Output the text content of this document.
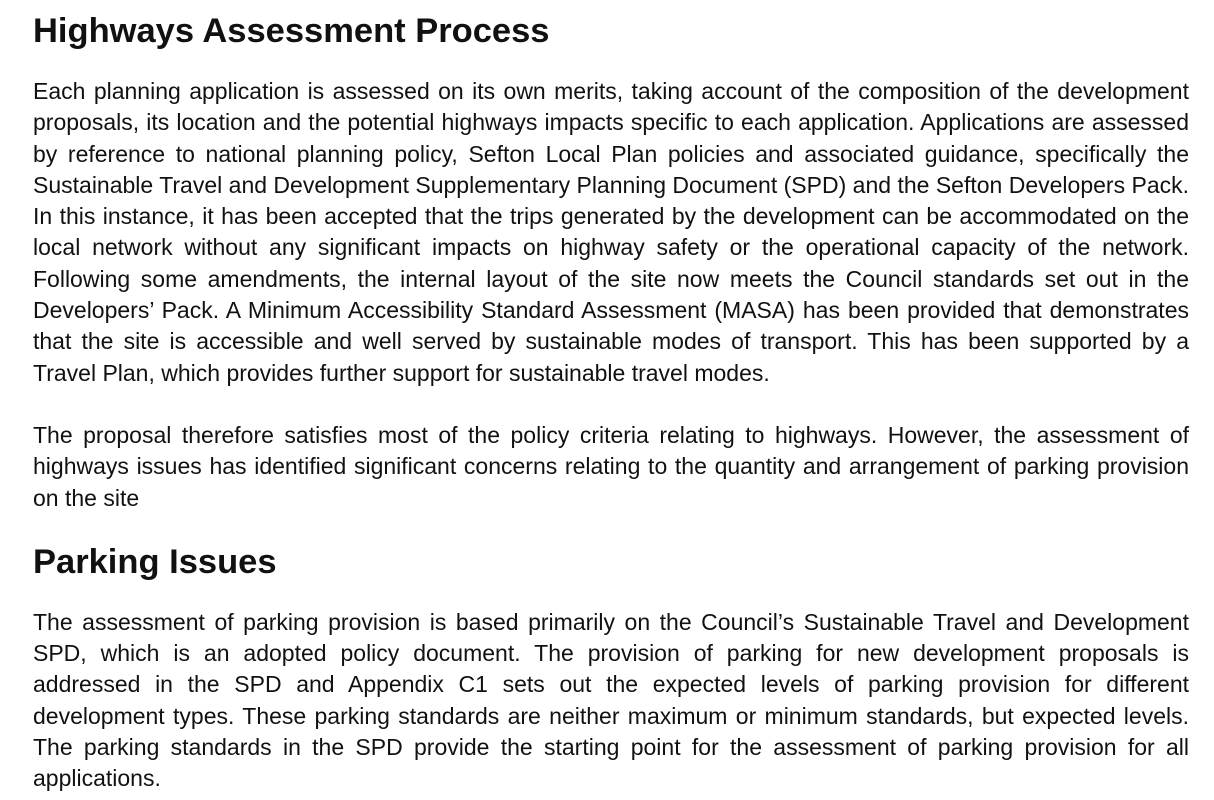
Highways Assessment Process

Each planning application is assessed on its own merits, taking account of the composition of the development proposals, its location and the potential highways impacts specific to each application. Applications are assessed by reference to national planning policy, Sefton Local Plan policies and associated guidance, specifically the Sustainable Travel and Development Supplementary Planning Document (SPD) and the Sefton Developers Pack. In this instance, it has been accepted that the trips generated by the development can be accommodated on the local network without any significant impacts on highway safety or the operational capacity of the network. Following some amendments, the internal layout of the site now meets the Council standards set out in the Developers’ Pack. A Minimum Accessibility Standard Assessment (MASA) has been provided that demonstrates that the site is accessible and well served by sustainable modes of transport. This has been supported by a Travel Plan, which provides further support for sustainable travel modes.

The proposal therefore satisfies most of the policy criteria relating to highways. However, the assessment of highways issues has identified significant concerns relating to the quantity and arrangement of parking provision on the site

Parking Issues

The assessment of parking provision is based primarily on the Council’s Sustainable Travel and Development SPD, which is an adopted policy document. The provision of parking for new development proposals is addressed in the SPD and Appendix C1 sets out the expected levels of parking provision for different development types. These parking standards are neither maximum or minimum standards, but expected levels. The parking standards in the SPD provide the starting point for the assessment of parking provision for all applications.
